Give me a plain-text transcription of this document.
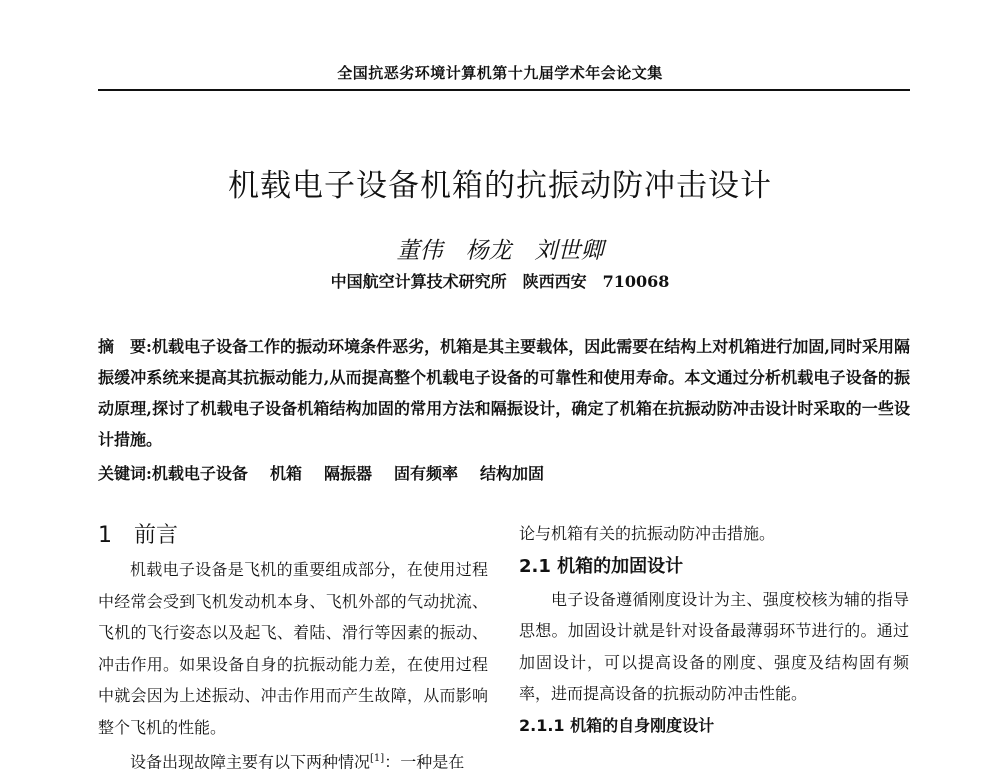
全国抗恶劣环境计算机第十九届学术年会论文集
机载电子设备机箱的抗振动防冲击设计
董伟　杨龙　刘世卿
中国航空计算技术研究所　陕西西安　710068
摘　要:机载电子设备工作的振动环境条件恶劣，机箱是其主要载体，因此需要在结构上对机箱进行加固,同时采用隔振缓冲系统来提高其抗振动能力,从而提高整个机载电子设备的可靠性和使用寿命。本文通过分析机载电子设备的振动原理,探讨了机载电子设备机箱结构加固的常用方法和隔振设计，确定了机箱在抗振动防冲击设计时采取的一些设计措施。
关键词:机载电子设备 机箱 隔振器 固有频率 结构加固
1 前言

机载电子设备是飞机的重要组成部分，在使用过程中经常会受到飞机发动机本身、飞机外部的气动扰流、飞机的飞行姿态以及起飞、着陆、滑行等因素的振动、冲击作用。如果设备自身的抗振动能力差，在使用过程中就会因为上述振动、冲击作用而产生故障，从而影响整个飞机的性能。

设备出现故障主要有以下两种情况[1]：一种是在

论与机箱有关的抗振动防冲击措施。

2.1 机箱的加固设计

电子设备遵循刚度设计为主、强度校核为辅的指导思想。加固设计就是针对设备最薄弱环节进行的。通过加固设计，可以提高设备的刚度、强度及结构固有频率，进而提高设备的抗振动防冲击性能。

2.1.1 机箱的自身刚度设计
